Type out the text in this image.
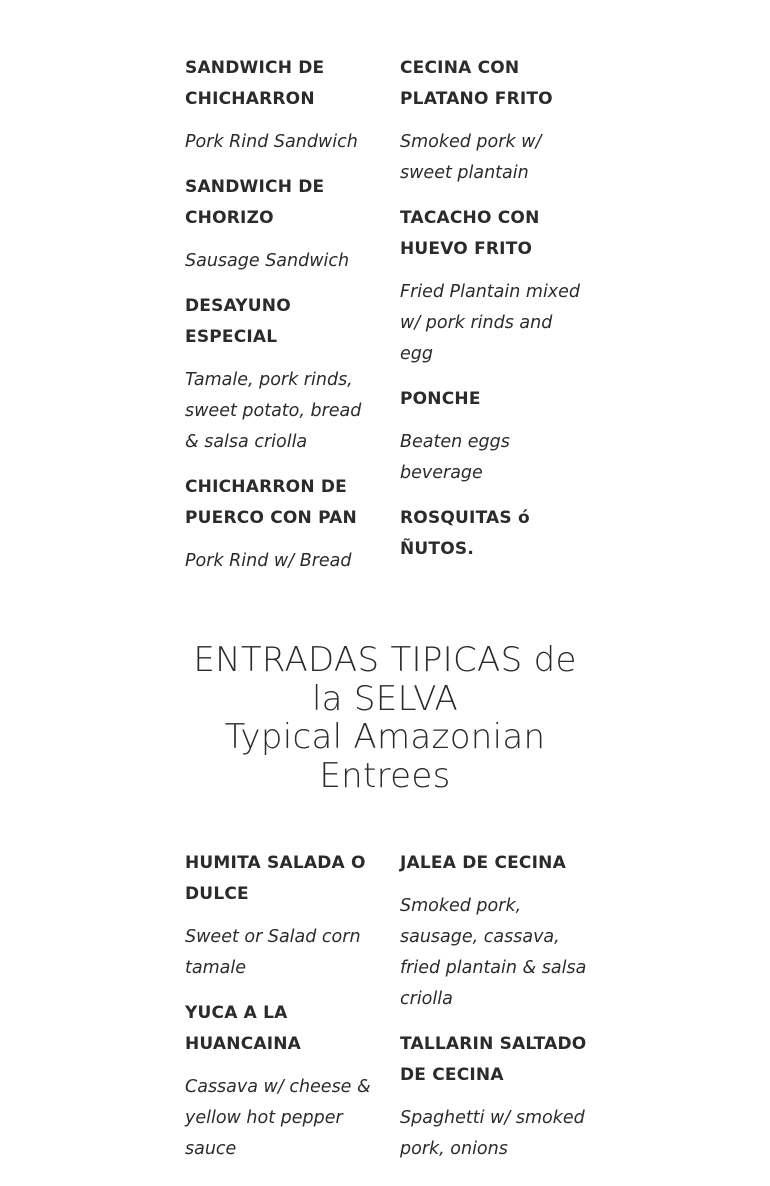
SANDWICH DE CHICHARRON
Pork Rind Sandwich
SANDWICH DE CHORIZO
Sausage Sandwich
DESAYUNO ESPECIAL
Tamale, pork rinds, sweet potato, bread & salsa criolla
CHICHARRON DE PUERCO CON PAN
Pork Rind w/ Bread
CECINA CON PLATANO FRITO
Smoked pork w/ sweet plantain
TACACHO CON HUEVO FRITO
Fried Plantain mixed w/ pork rinds and egg
PONCHE
Beaten eggs beverage
ROSQUITAS ó ÑUTOS.
ENTRADAS TIPICAS de la SELVA
Typical Amazonian Entrees
HUMITA SALADA O DULCE
Sweet or Salad corn tamale
YUCA A LA HUANCAINA
Cassava w/ cheese & yellow hot pepper sauce
JALEA DE CECINA
Smoked pork, sausage, cassava, fried plantain & salsa criolla
TALLARIN SALTADO DE CECINA
Spaghetti w/ smoked pork, onions
